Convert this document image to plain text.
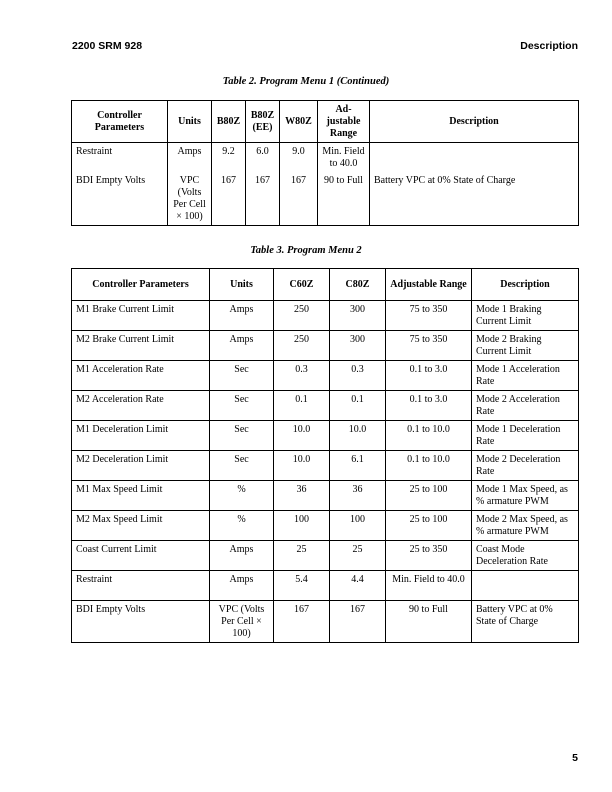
2200 SRM 928	Description
Table 2. Program Menu 1 (Continued)
Controller Parameters	Units	B80Z	B80Z (EE)	W80Z	Ad- justable Range	Description
Restraint	Amps	9.2	6.0	9.0	Min. Field to 40.0	
BDI Empty Volts	VPC (Volts Per Cell × 100)	167	167	167	90 to Full	Battery VPC at 0% State of Charge
Table 3. Program Menu 2
Controller Parameters	Units	C60Z	C80Z	Adjustable Range	Description
M1 Brake Current Limit	Amps	250	300	75 to 350	Mode 1 Braking Current Limit
M2 Brake Current Limit	Amps	250	300	75 to 350	Mode 2 Braking Current Limit
M1 Acceleration Rate	Sec	0.3	0.3	0.1 to 3.0	Mode 1 Acceleration Rate
M2 Acceleration Rate	Sec	0.1	0.1	0.1 to 3.0	Mode 2 Acceleration Rate
M1 Deceleration Limit	Sec	10.0	10.0	0.1 to 10.0	Mode 1 Deceleration Rate
M2 Deceleration Limit	Sec	10.0	6.1	0.1 to 10.0	Mode 2 Deceleration Rate
M1 Max Speed Limit	%	36	36	25 to 100	Mode 1 Max Speed, as % armature PWM
M2 Max Speed Limit	%	100	100	25 to 100	Mode 2 Max Speed, as % armature PWM
Coast Current Limit	Amps	25	25	25 to 350	Coast Mode Deceleration Rate
Restraint	Amps	5.4	4.4	Min. Field to 40.0	
BDI Empty Volts	VPC (Volts Per Cell × 100)	167	167	90 to Full	Battery VPC at 0% State of Charge
5
